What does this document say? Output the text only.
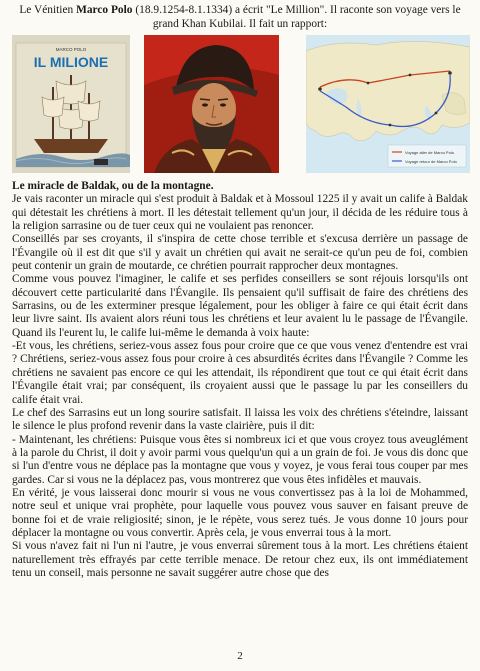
Le Vénitien Marco Polo (18.9.1254-8.1.1334) a écrit "Le Million". Il raconte son voyage vers le grand Khan Kubilai. Il fait un rapport:
MARCO POLO
IL MILIONE
Voyage aller de Marco Polo
Voyage retour de Marco Polo

Le miracle de Baldak, ou de la montagne.

Je vais raconter un miracle qui s'est produit à Baldak et à Mossoul 1225 il y avait un calife à Baldak qui détestait les chrétiens à mort. Il les détestait tellement qu'un jour, il décida de les réduire tous à la religion sarrasine ou de tuer ceux qui ne voulaient pas renoncer.

Conseillés par ses croyants, il s'inspira de cette chose terrible et s'excusa derrière un passage de l'Évangile où il est dit que s'il y avait un chrétien qui avait ne serait-ce qu'un peu de foi, combien peut contenir un grain de moutarde, ce chrétien pourrait rapprocher deux montagnes.

Comme vous pouvez l'imaginer, le calife et ses perfides conseillers se sont réjouis lorsqu'ils ont découvert cette particularité dans l'Évangile. Ils pensaient qu'il suffisait de faire des chrétiens des Sarrasins, ou de les exterminer presque légalement, pour les obliger à faire ce qui était écrit dans leur livre saint. Ils avaient alors réuni tous les chrétiens et leur avaient lu le passage de l'Évangile. Quand ils l'eurent lu, le calife lui-même le demanda à voix haute:

-Et vous, les chrétiens, seriez-vous assez fous pour croire que ce que vous venez d'entendre est vrai ? Chrétiens, seriez-vous assez fous pour croire à ces absurdités écrites dans l'Évangile ? Comme les chrétiens ne savaient pas encore ce qui les attendait, ils répondirent que tout ce qui était écrit dans l'Évangile était vrai; par conséquent, ils croyaient aussi que le passage lu par les conseillers du calife était vrai.

Le chef des Sarrasins eut un long sourire satisfait. Il laissa les voix des chrétiens s'éteindre, laissant le silence le plus profond revenir dans la vaste clairière, puis il dit:

- Maintenant, les chrétiens: Puisque vous êtes si nombreux ici et que vous croyez tous aveuglément à la parole du Christ, il doit y avoir parmi vous quelqu'un qui a un grain de foi. Je vous dis donc que si l'un d'entre vous ne déplace pas la montagne que vous y voyez, je vous ferai tous couper par mes gardes. Car si vous ne la déplacez pas, vous montrerez que vous êtes infidèles et mauvais.

En vérité, je vous laisserai donc mourir si vous ne vous convertissez pas à la loi de Mohammed, notre seul et unique vrai prophète, pour laquelle vous pouvez vous sauver en faisant preuve de bonne foi et de vraie religiosité; sinon, je le répète, vous serez tués. Je vous donne 10 jours pour déplacer la montagne ou vous convertir. Après cela, je vous enverrai tous à la mort.

Si vous n'avez fait ni l'un ni l'autre, je vous enverrai sûrement tous à la mort. Les chrétiens étaient naturellement très effrayés par cette terrible menace. De retour chez eux, ils ont immédiatement tenu un conseil, mais personne ne savait suggérer autre chose que des

2
